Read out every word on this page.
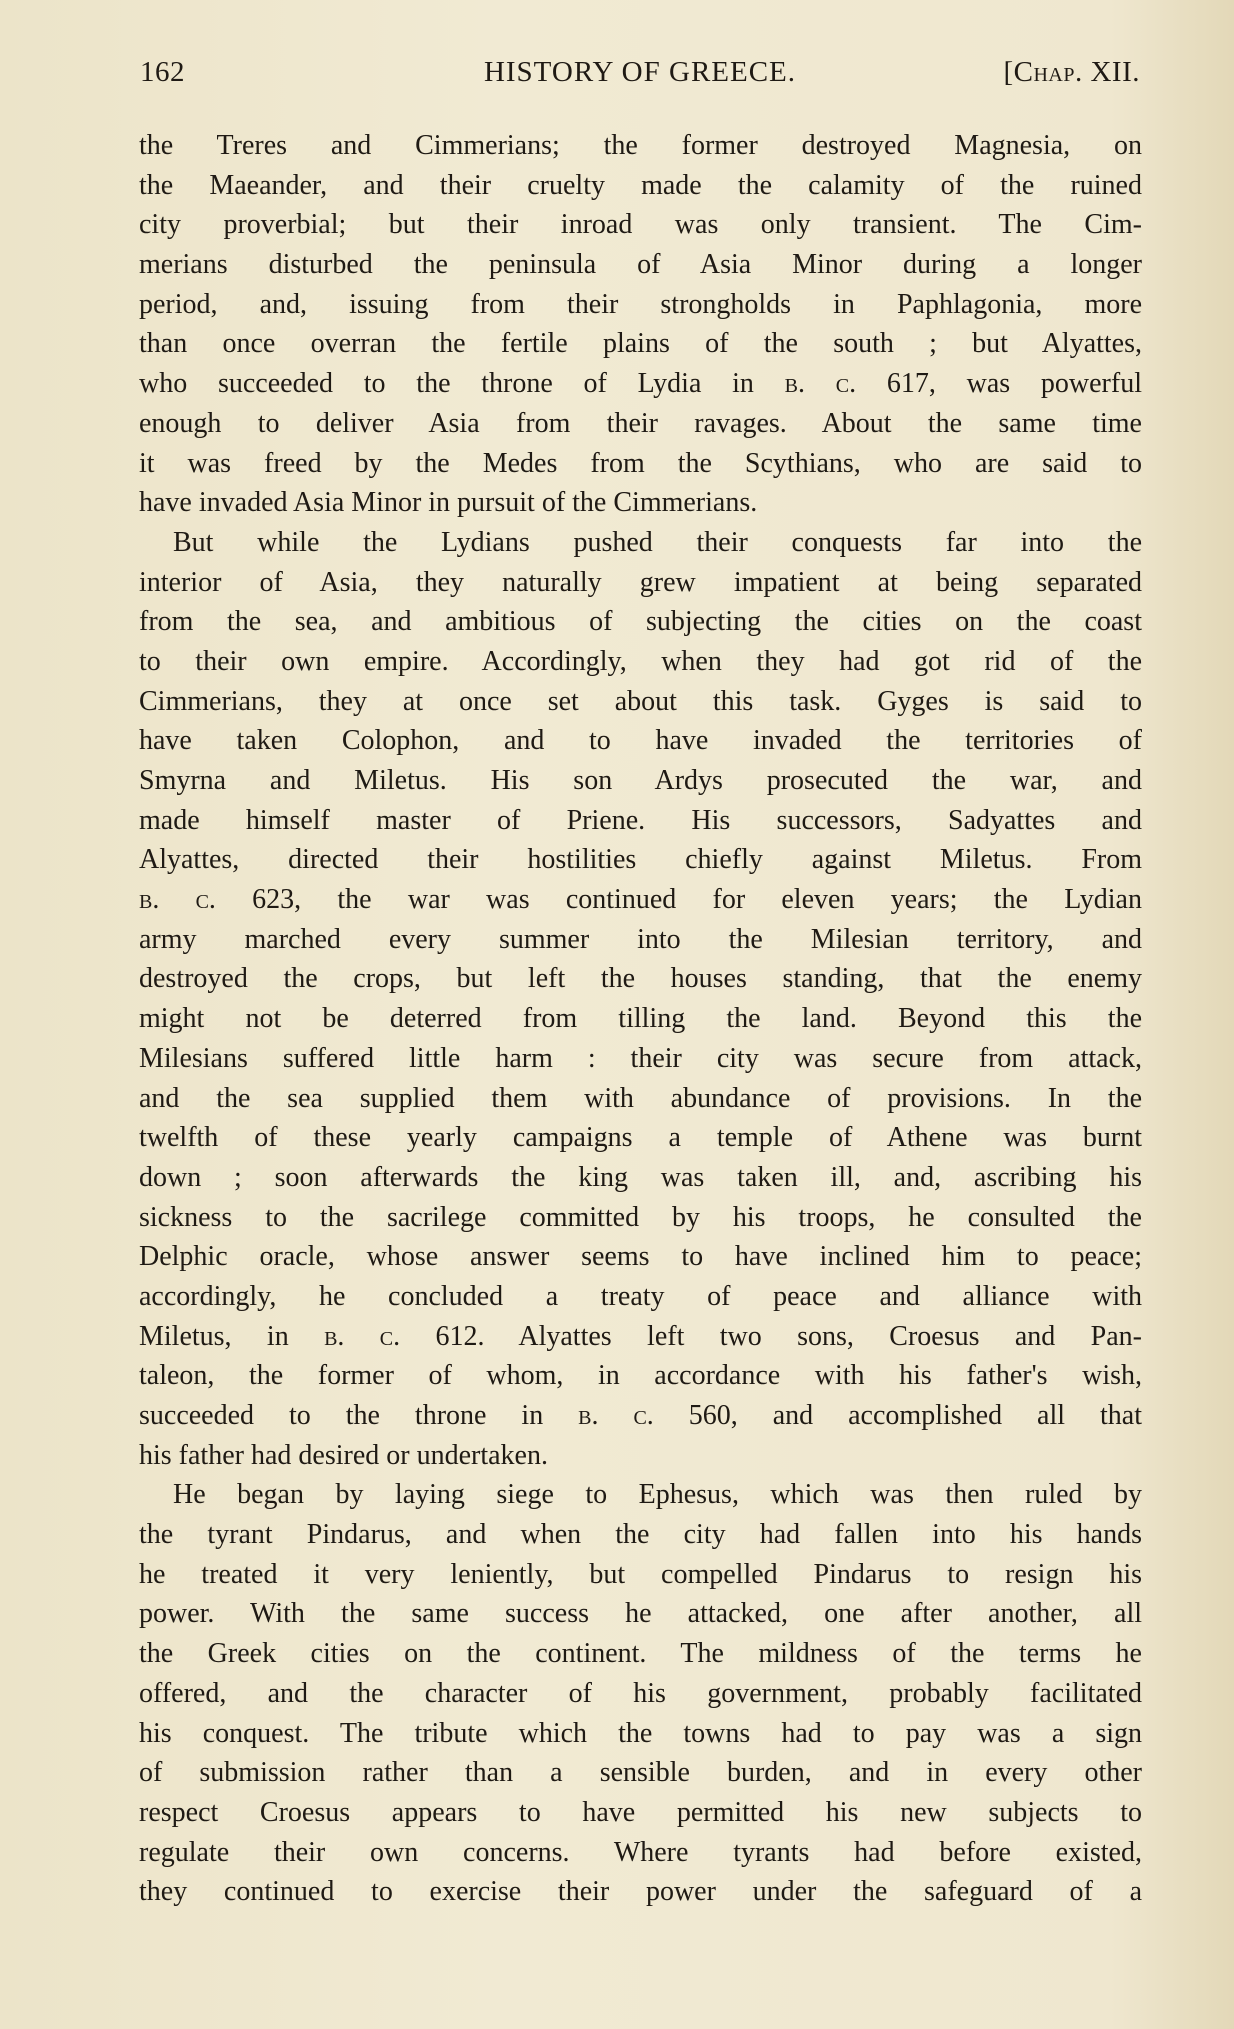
162	HISTORY OF GREECE.	[Chap. XII.
the Treres and Cimmerians; the former destroyed Magnesia, on
the Maeander, and their cruelty made the calamity of the ruined
city proverbial; but their inroad was only transient. The Cim-
merians disturbed the peninsula of Asia Minor during a longer
period, and, issuing from their strongholds in Paphlagonia, more
than once overran the fertile plains of the south ; but Alyattes,
who succeeded to the throne of Lydia in b. c. 617, was powerful
enough to deliver Asia from their ravages. About the same time
it was freed by the Medes from the Scythians, who are said to
have invaded Asia Minor in pursuit of the Cimmerians.
But while the Lydians pushed their conquests far into the
interior of Asia, they naturally grew impatient at being separated
from the sea, and ambitious of subjecting the cities on the coast
to their own empire. Accordingly, when they had got rid of the
Cimmerians, they at once set about this task. Gyges is said to
have taken Colophon, and to have invaded the territories of
Smyrna and Miletus. His son Ardys prosecuted the war, and
made himself master of Priene. His successors, Sadyattes and
Alyattes, directed their hostilities chiefly against Miletus. From
b. c. 623, the war was continued for eleven years; the Lydian
army marched every summer into the Milesian territory, and
destroyed the crops, but left the houses standing, that the enemy
might not be deterred from tilling the land. Beyond this the
Milesians suffered little harm : their city was secure from attack,
and the sea supplied them with abundance of provisions. In the
twelfth of these yearly campaigns a temple of Athene was burnt
down ; soon afterwards the king was taken ill, and, ascribing his
sickness to the sacrilege committed by his troops, he consulted the
Delphic oracle, whose answer seems to have inclined him to peace;
accordingly, he concluded a treaty of peace and alliance with
Miletus, in b. c. 612. Alyattes left two sons, Croesus and Pan-
taleon, the former of whom, in accordance with his father's wish,
succeeded to the throne in b. c. 560, and accomplished all that
his father had desired or undertaken.
He began by laying siege to Ephesus, which was then ruled by
the tyrant Pindarus, and when the city had fallen into his hands
he treated it very leniently, but compelled Pindarus to resign his
power. With the same success he attacked, one after another, all
the Greek cities on the continent. The mildness of the terms he
offered, and the character of his government, probably facilitated
his conquest. The tribute which the towns had to pay was a sign
of submission rather than a sensible burden, and in every other
respect Croesus appears to have permitted his new subjects to
regulate their own concerns. Where tyrants had before existed,
they continued to exercise their power under the safeguard of a
